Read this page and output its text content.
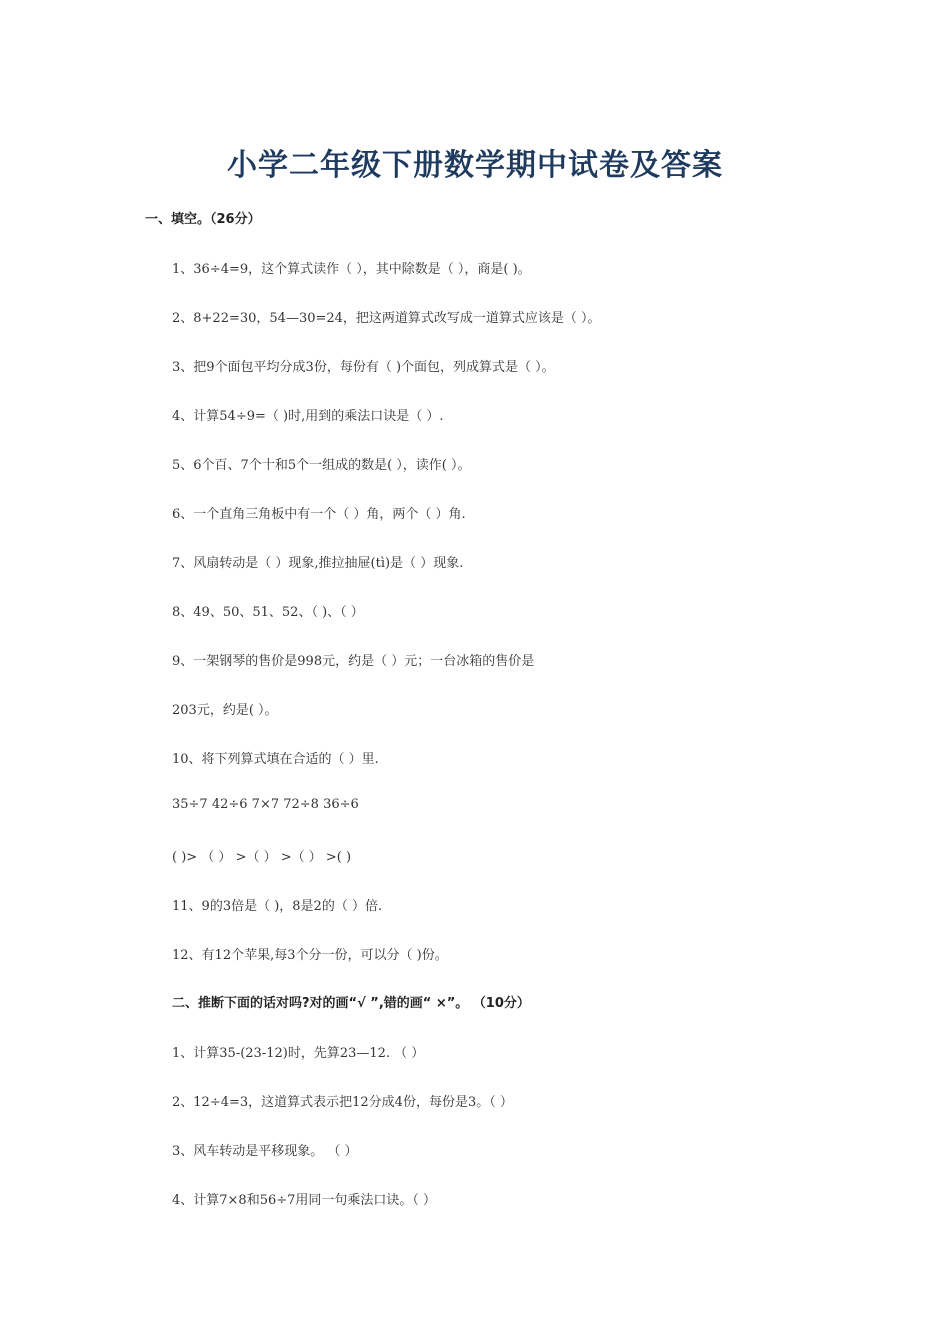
小学二年级下册数学期中试卷及答案
一、填空。（26分）
1、36÷4=9，这个算式读作（ ），其中除数是（ ），商是( )。
2、8+22=30，54—30=24，把这两道算式改写成一道算式应该是（ ）。
3、把9个面包平均分成3份，每份有（ )个面包，列成算式是（ ）。
4、计算54÷9=（ )时,用到的乘法口诀是（ ）.
5、6个百、7个十和5个一组成的数是( ），读作( ）。
6、一个直角三角板中有一个（ ）角，两个（ ）角.
7、风扇转动是（ ）现象,推拉抽屉(tì)是（ ）现象.
8、49、50、51、52、（ )、（ ）
9、一架钢琴的售价是998元，约是（ ）元；一台冰箱的售价是
203元，约是( ）。
10、将下列算式填在合适的（ ）里.
35÷7 42÷6 7×7 72÷8 36÷6
( )> （ ） >（ ） >（ ） >( )
11、9的3倍是（ )，8是2的（ ）倍.
12、有12个苹果,每3个分一份，可以分（ )份。
二、推断下面的话对吗?对的画“√ ”,错的画“ ×”。 （10分）
1、计算35-(23-12)时，先算23—12. （ ）
2、12÷4=3，这道算式表示把12分成4份，每份是3。（ ）
3、风车转动是平移现象。 （ ）
4、计算7×8和56÷7用同一句乘法口诀。（ ）
